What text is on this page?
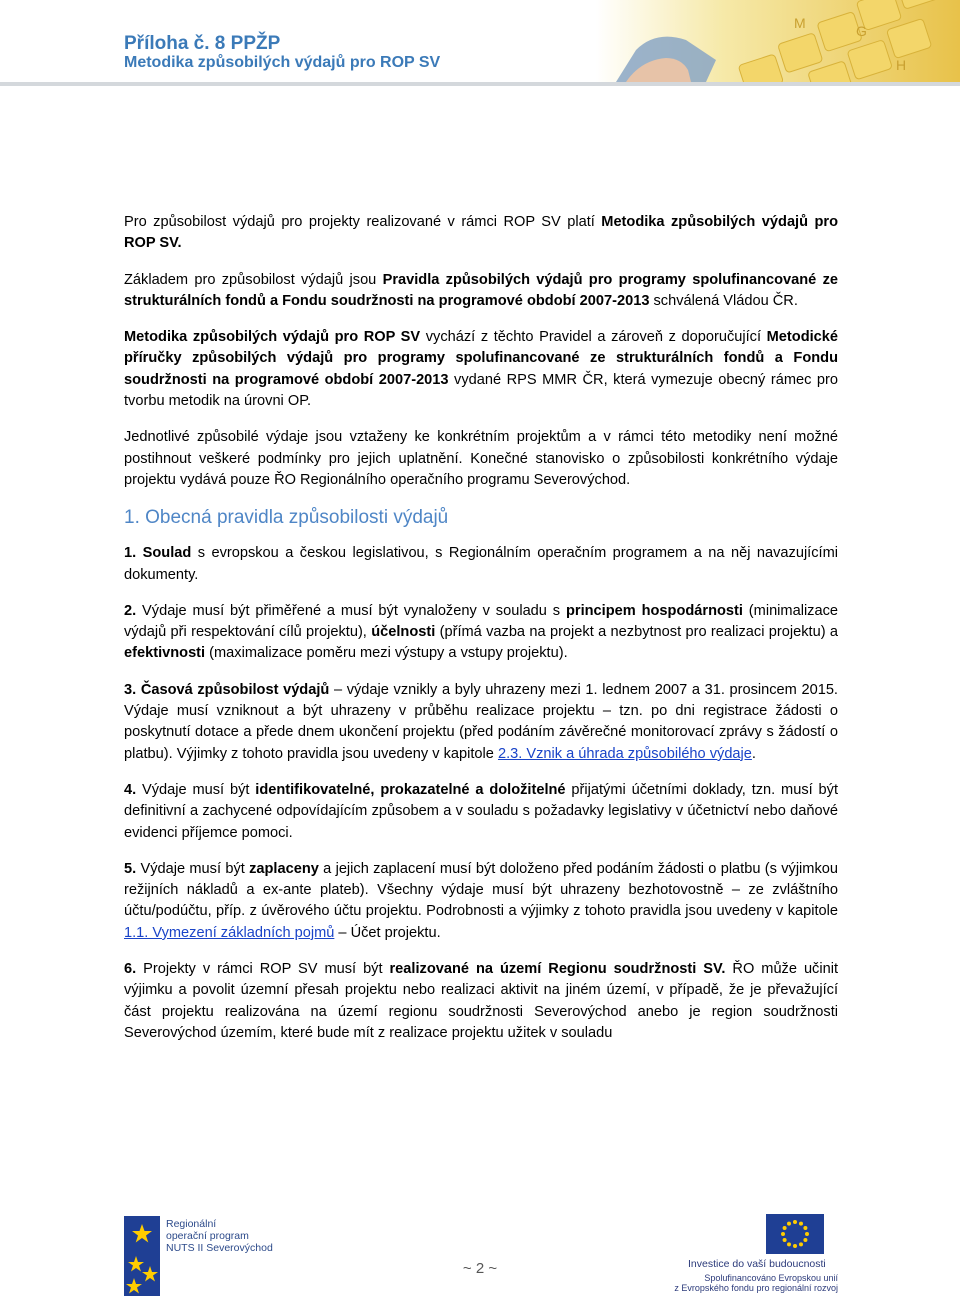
Příloha č. 8 PPŽP
Metodika způsobilých výdajů pro ROP SV
M	G
H

Pro způsobilost výdajů pro projekty realizované v rámci ROP SV platí Metodika způsobilých výdajů pro ROP SV.

Základem pro způsobilost výdajů jsou Pravidla způsobilých výdajů pro programy spolufinancované ze strukturálních fondů a Fondu soudržnosti na programové období 2007-2013 schválená Vládou ČR.

Metodika způsobilých výdajů pro ROP SV vychází z těchto Pravidel a zároveň z doporučující Metodické příručky způsobilých výdajů pro programy spolufinancované ze strukturálních fondů a Fondu soudržnosti na programové období 2007-2013 vydané RPS MMR ČR, která vymezuje obecný rámec pro tvorbu metodik na úrovni OP.

Jednotlivé způsobilé výdaje jsou vztaženy ke konkrétním projektům a v rámci této metodiky není možné postihnout veškeré podmínky pro jejich uplatnění. Konečné stanovisko o způsobilosti konkrétního výdaje projektu vydává pouze ŘO Regionálního operačního programu Severovýchod.

1. Obecná pravidla způsobilosti výdajů

1. Soulad s evropskou a českou legislativou, s Regionálním operačním programem a na něj navazujícími dokumenty.

2. Výdaje musí být přiměřené a musí být vynaloženy v souladu s principem hospodárnosti (minimalizace výdajů při respektování cílů projektu), účelnosti (přímá vazba na projekt a nezbytnost pro realizaci projektu) a efektivnosti (maximalizace poměru mezi výstupy a vstupy projektu).

3. Časová způsobilost výdajů – výdaje vznikly a byly uhrazeny mezi 1. lednem 2007 a 31. prosincem 2015. Výdaje musí vzniknout a být uhrazeny v průběhu realizace projektu – tzn. po dni registrace žádosti o poskytnutí dotace a přede dnem ukončení projektu (před podáním závěrečné monitorovací zprávy s žádostí o platbu). Výjimky z tohoto pravidla jsou uvedeny v kapitole 2.3. Vznik a úhrada způsobilého výdaje.

4. Výdaje musí být identifikovatelné, prokazatelné a doložitelné přijatými účetními doklady, tzn. musí být definitivní a zachycené odpovídajícím způsobem a v souladu s požadavky legislativy v účetnictví nebo daňové evidenci příjemce pomoci.

5. Výdaje musí být zaplaceny a jejich zaplacení musí být doloženo před podáním žádosti o platbu (s výjimkou režijních nákladů a ex-ante plateb). Všechny výdaje musí být uhrazeny bezhotovostně – ze zvláštního účtu/podúčtu, příp. z úvěrového účtu projektu. Podrobnosti a výjimky z tohoto pravidla jsou uvedeny v kapitole 1.1. Vymezení základních pojmů – Účet projektu.

6. Projekty v rámci ROP SV musí být realizované na území Regionu soudržnosti SV. ŘO může učinit výjimku a povolit územní přesah projektu nebo realizaci aktivit na jiném území, v případě, že je převažující část projektu realizována na území regionu soudržnosti Severovýchod anebo je region soudržnosti Severovýchod územím, které bude mít z realizace projektu užitek v souladu

Regionální
operační program
NUTS II Severovýchod
~ 2 ~	Investice do vaší budoucnosti
Spolufinancováno Evropskou unií
z Evropského fondu pro regionální rozvoj
